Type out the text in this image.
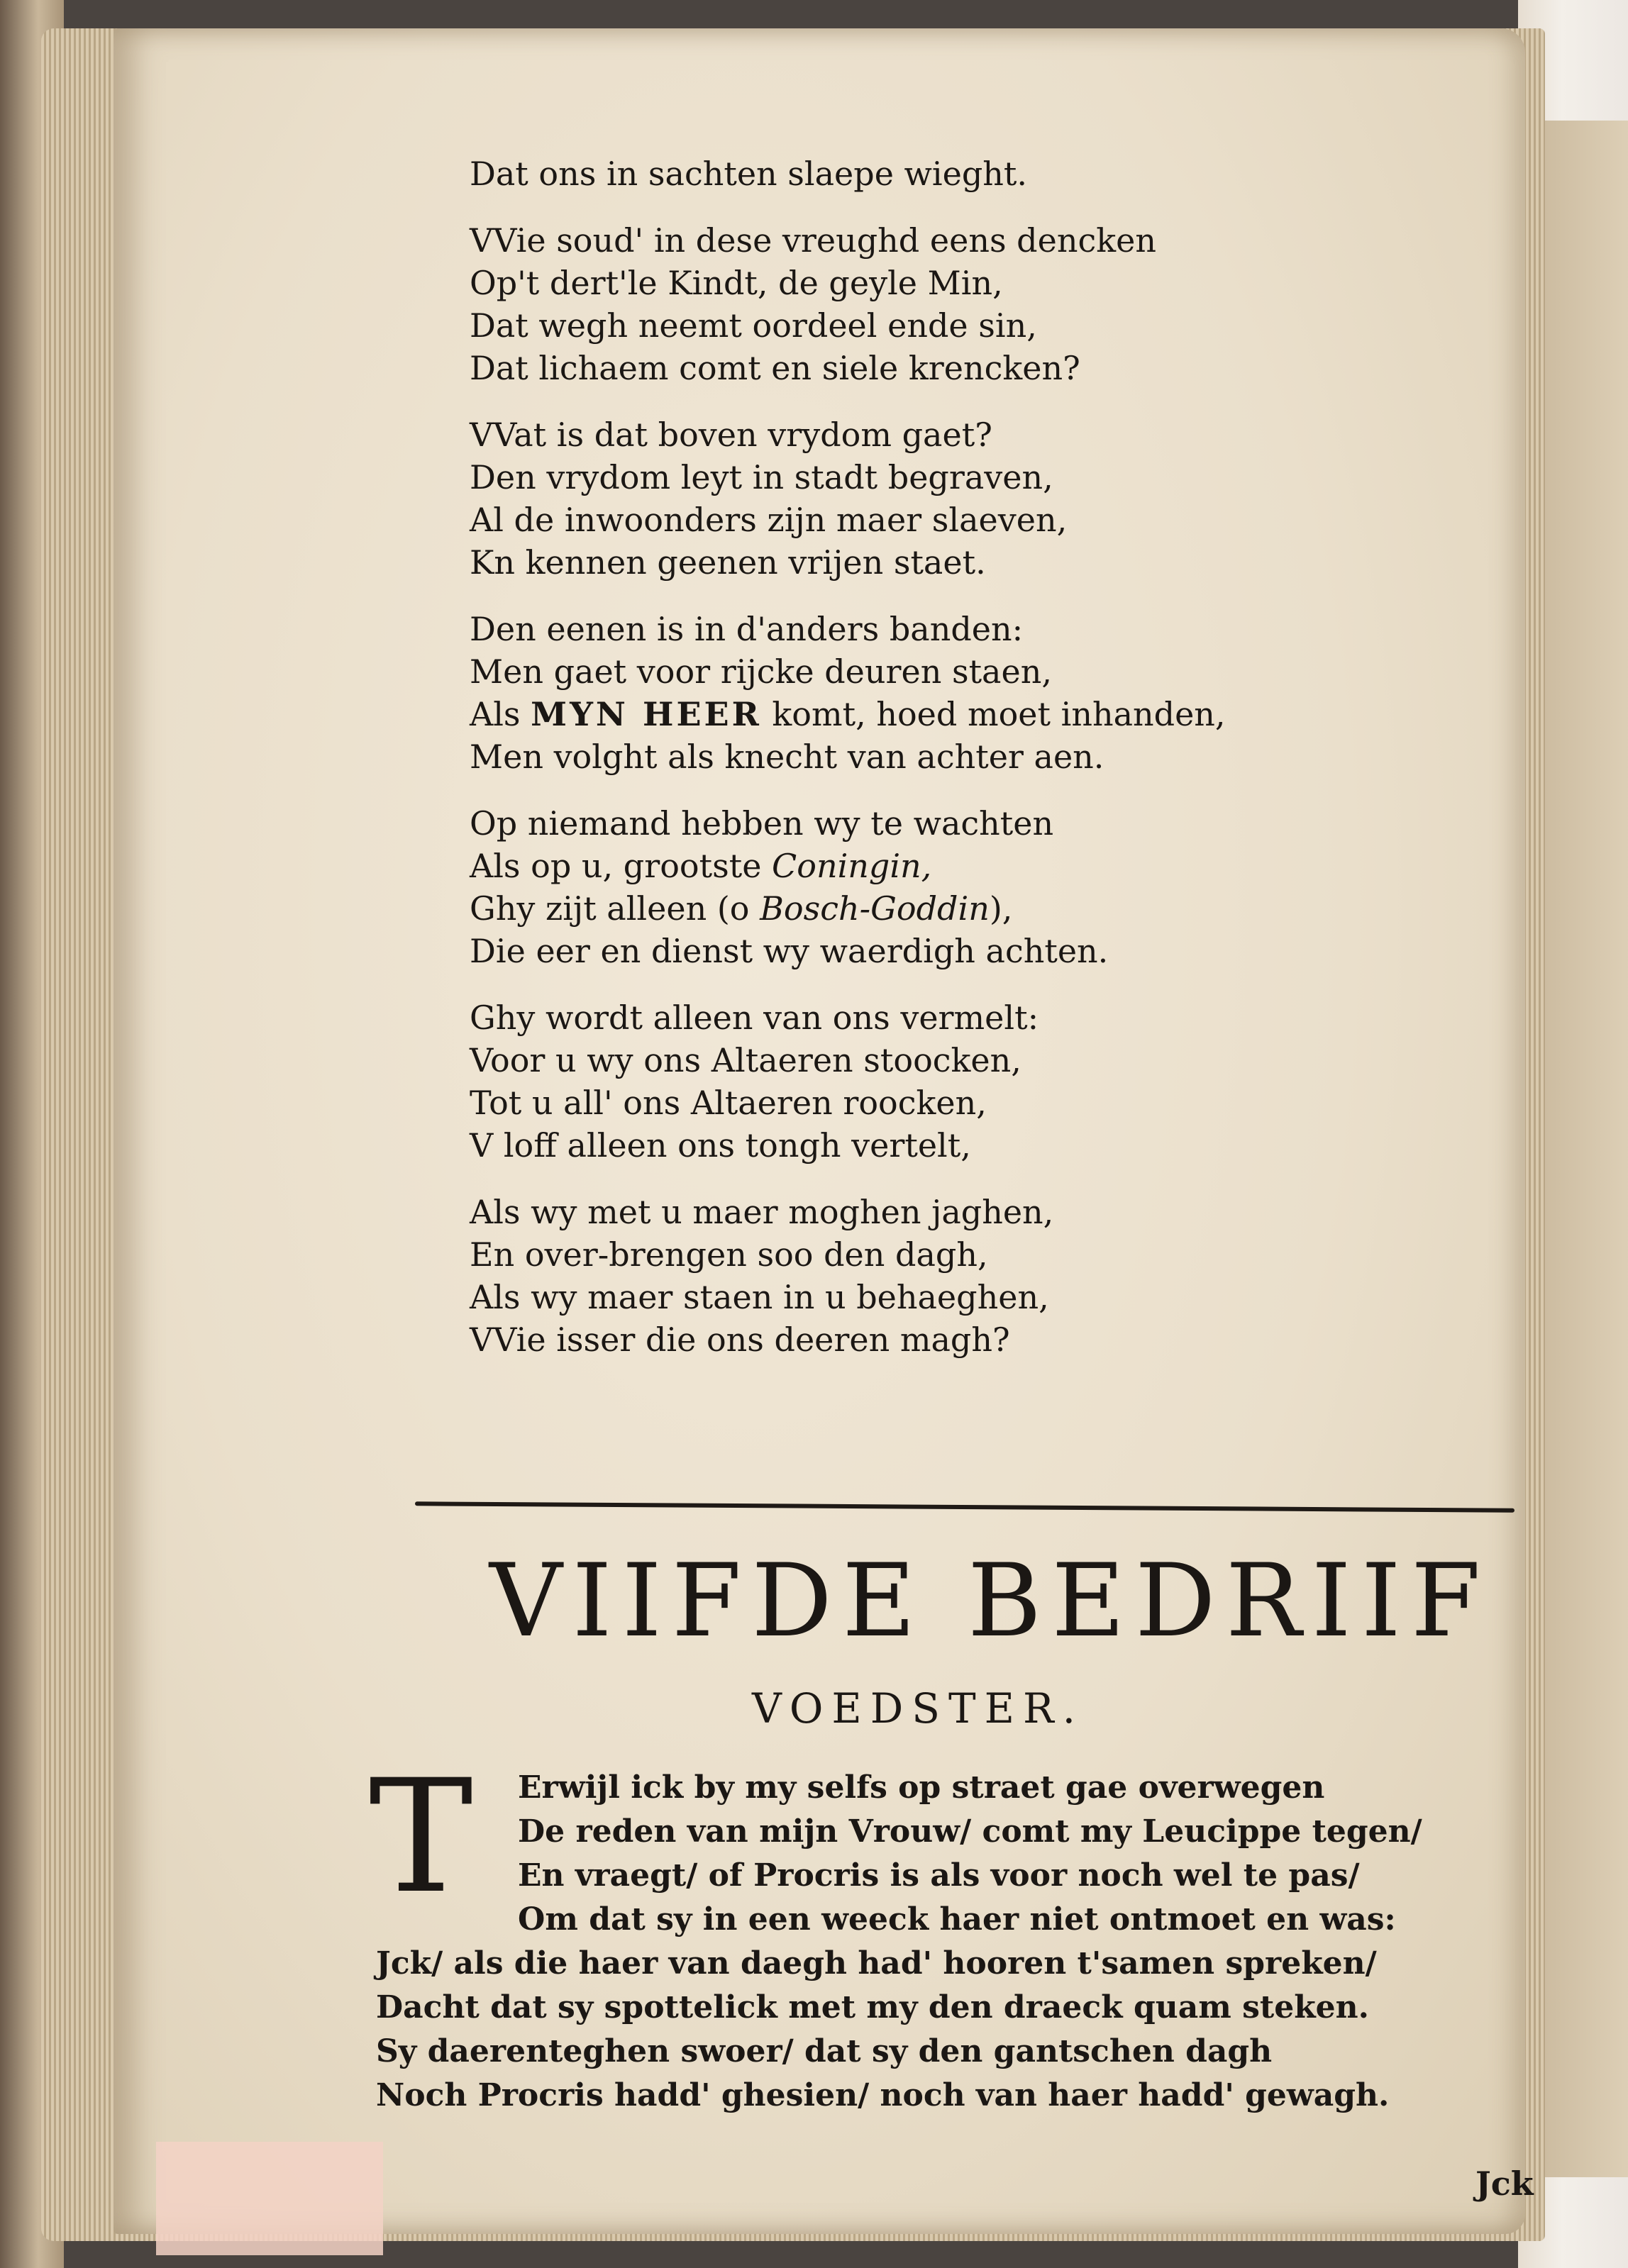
Dat ons in sachten slaepe wieght.
VVie soud' in dese vreughd eens dencken
Op't dert'le Kindt, de geyle Min,
Dat wegh neemt oordeel ende sin,
Dat lichaem comt en siele krencken?
VVat is dat boven vrydom gaet?
Den vrydom leyt in stadt begraven,
Al de inwoonders zijn maer slaeven,
Kn kennen geenen vrijen staet.
Den eenen is in d'anders banden:
Men gaet voor rijcke deuren staen,
Als MYN HEER komt, hoed moet inhanden,
Men volght als knecht van achter aen.
Op niemand hebben wy te wachten
Als op u, grootste Coningin,
Ghy zijt alleen (o Bosch-Goddin),
Die eer en dienst wy waerdigh achten.
Ghy wordt alleen van ons vermelt:
Voor u wy ons Altaeren stoocken,
Tot u all' ons Altaeren roocken,
V loff alleen ons tongh vertelt,
Als wy met u maer moghen jaghen,
En over-brengen soo den dagh,
Als wy maer staen in u behaeghen,
VVie isser die ons deeren magh?
VIIFDE BEDRIIF
VOEDSTER.
T	Erwijl ick by my selfs op straet gae overwegen
De reden van mijn Vrouw/ comt my Leucippe tegen/
En vraegt/ of Procris is als voor noch wel te pas/
Om dat sy in een weeck haer niet ontmoet en was:
Jck/ als die haer van daegh had' hooren t'samen spreken/
Dacht dat sy spottelick met my den draeck quam steken.
Sy daerenteghen swoer/ dat sy den gantschen dagh
Noch Procris hadd' ghesien/ noch van haer hadd' gewagh.
Jck
